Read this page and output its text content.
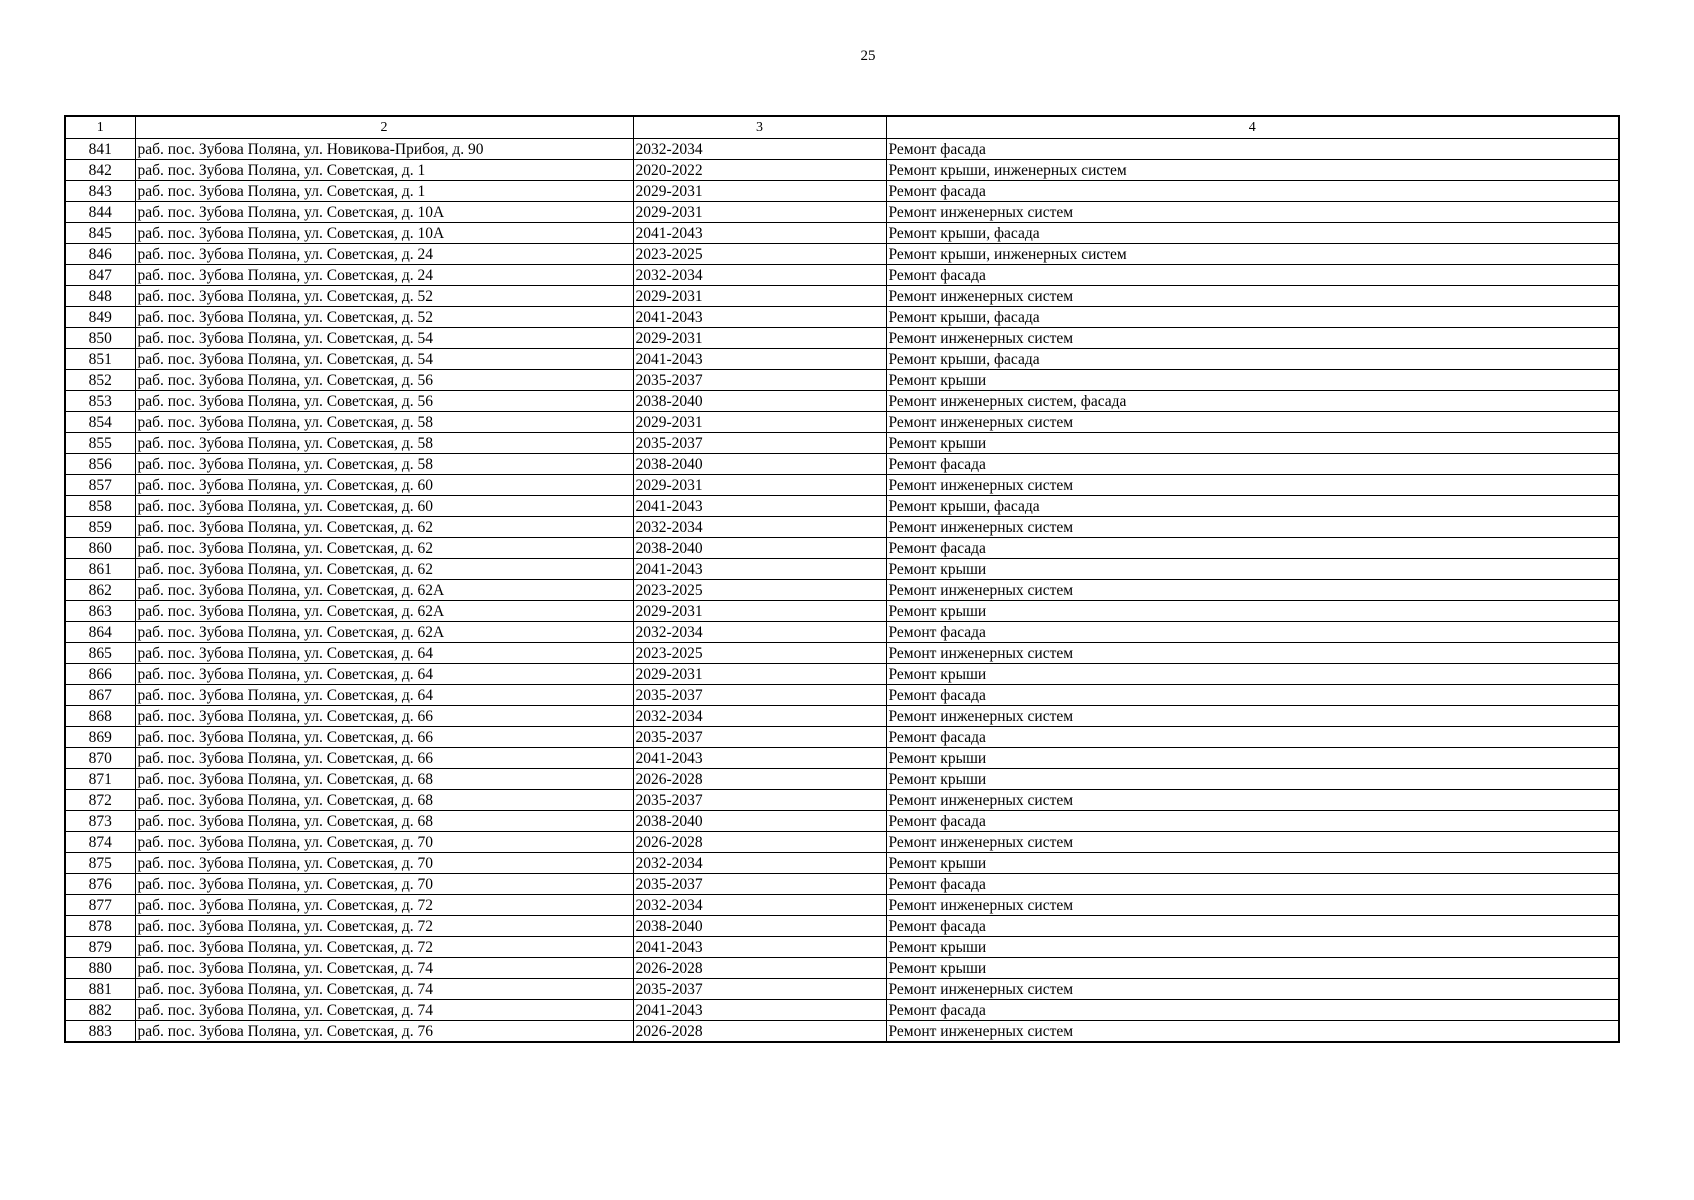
25
1	2	3	4
841	раб. пос. Зубова Поляна, ул. Новикова-Прибоя, д. 90	2032-2034	Ремонт фасада
842	раб. пос. Зубова Поляна, ул. Советская, д. 1	2020-2022	Ремонт крыши, инженерных систем
843	раб. пос. Зубова Поляна, ул. Советская, д. 1	2029-2031	Ремонт фасада
844	раб. пос. Зубова Поляна, ул. Советская, д. 10А	2029-2031	Ремонт инженерных систем
845	раб. пос. Зубова Поляна, ул. Советская, д. 10А	2041-2043	Ремонт крыши, фасада
846	раб. пос. Зубова Поляна, ул. Советская, д. 24	2023-2025	Ремонт крыши, инженерных систем
847	раб. пос. Зубова Поляна, ул. Советская, д. 24	2032-2034	Ремонт фасада
848	раб. пос. Зубова Поляна, ул. Советская, д. 52	2029-2031	Ремонт инженерных систем
849	раб. пос. Зубова Поляна, ул. Советская, д. 52	2041-2043	Ремонт крыши, фасада
850	раб. пос. Зубова Поляна, ул. Советская, д. 54	2029-2031	Ремонт инженерных систем
851	раб. пос. Зубова Поляна, ул. Советская, д. 54	2041-2043	Ремонт крыши, фасада
852	раб. пос. Зубова Поляна, ул. Советская, д. 56	2035-2037	Ремонт крыши
853	раб. пос. Зубова Поляна, ул. Советская, д. 56	2038-2040	Ремонт инженерных систем, фасада
854	раб. пос. Зубова Поляна, ул. Советская, д. 58	2029-2031	Ремонт инженерных систем
855	раб. пос. Зубова Поляна, ул. Советская, д. 58	2035-2037	Ремонт крыши
856	раб. пос. Зубова Поляна, ул. Советская, д. 58	2038-2040	Ремонт фасада
857	раб. пос. Зубова Поляна, ул. Советская, д. 60	2029-2031	Ремонт инженерных систем
858	раб. пос. Зубова Поляна, ул. Советская, д. 60	2041-2043	Ремонт крыши, фасада
859	раб. пос. Зубова Поляна, ул. Советская, д. 62	2032-2034	Ремонт инженерных систем
860	раб. пос. Зубова Поляна, ул. Советская, д. 62	2038-2040	Ремонт фасада
861	раб. пос. Зубова Поляна, ул. Советская, д. 62	2041-2043	Ремонт крыши
862	раб. пос. Зубова Поляна, ул. Советская, д. 62А	2023-2025	Ремонт инженерных систем
863	раб. пос. Зубова Поляна, ул. Советская, д. 62А	2029-2031	Ремонт крыши
864	раб. пос. Зубова Поляна, ул. Советская, д. 62А	2032-2034	Ремонт фасада
865	раб. пос. Зубова Поляна, ул. Советская, д. 64	2023-2025	Ремонт инженерных систем
866	раб. пос. Зубова Поляна, ул. Советская, д. 64	2029-2031	Ремонт крыши
867	раб. пос. Зубова Поляна, ул. Советская, д. 64	2035-2037	Ремонт фасада
868	раб. пос. Зубова Поляна, ул. Советская, д. 66	2032-2034	Ремонт инженерных систем
869	раб. пос. Зубова Поляна, ул. Советская, д. 66	2035-2037	Ремонт фасада
870	раб. пос. Зубова Поляна, ул. Советская, д. 66	2041-2043	Ремонт крыши
871	раб. пос. Зубова Поляна, ул. Советская, д. 68	2026-2028	Ремонт крыши
872	раб. пос. Зубова Поляна, ул. Советская, д. 68	2035-2037	Ремонт инженерных систем
873	раб. пос. Зубова Поляна, ул. Советская, д. 68	2038-2040	Ремонт фасада
874	раб. пос. Зубова Поляна, ул. Советская, д. 70	2026-2028	Ремонт инженерных систем
875	раб. пос. Зубова Поляна, ул. Советская, д. 70	2032-2034	Ремонт крыши
876	раб. пос. Зубова Поляна, ул. Советская, д. 70	2035-2037	Ремонт фасада
877	раб. пос. Зубова Поляна, ул. Советская, д. 72	2032-2034	Ремонт инженерных систем
878	раб. пос. Зубова Поляна, ул. Советская, д. 72	2038-2040	Ремонт фасада
879	раб. пос. Зубова Поляна, ул. Советская, д. 72	2041-2043	Ремонт крыши
880	раб. пос. Зубова Поляна, ул. Советская, д. 74	2026-2028	Ремонт крыши
881	раб. пос. Зубова Поляна, ул. Советская, д. 74	2035-2037	Ремонт инженерных систем
882	раб. пос. Зубова Поляна, ул. Советская, д. 74	2041-2043	Ремонт фасада
883	раб. пос. Зубова Поляна, ул. Советская, д. 76	2026-2028	Ремонт инженерных систем
